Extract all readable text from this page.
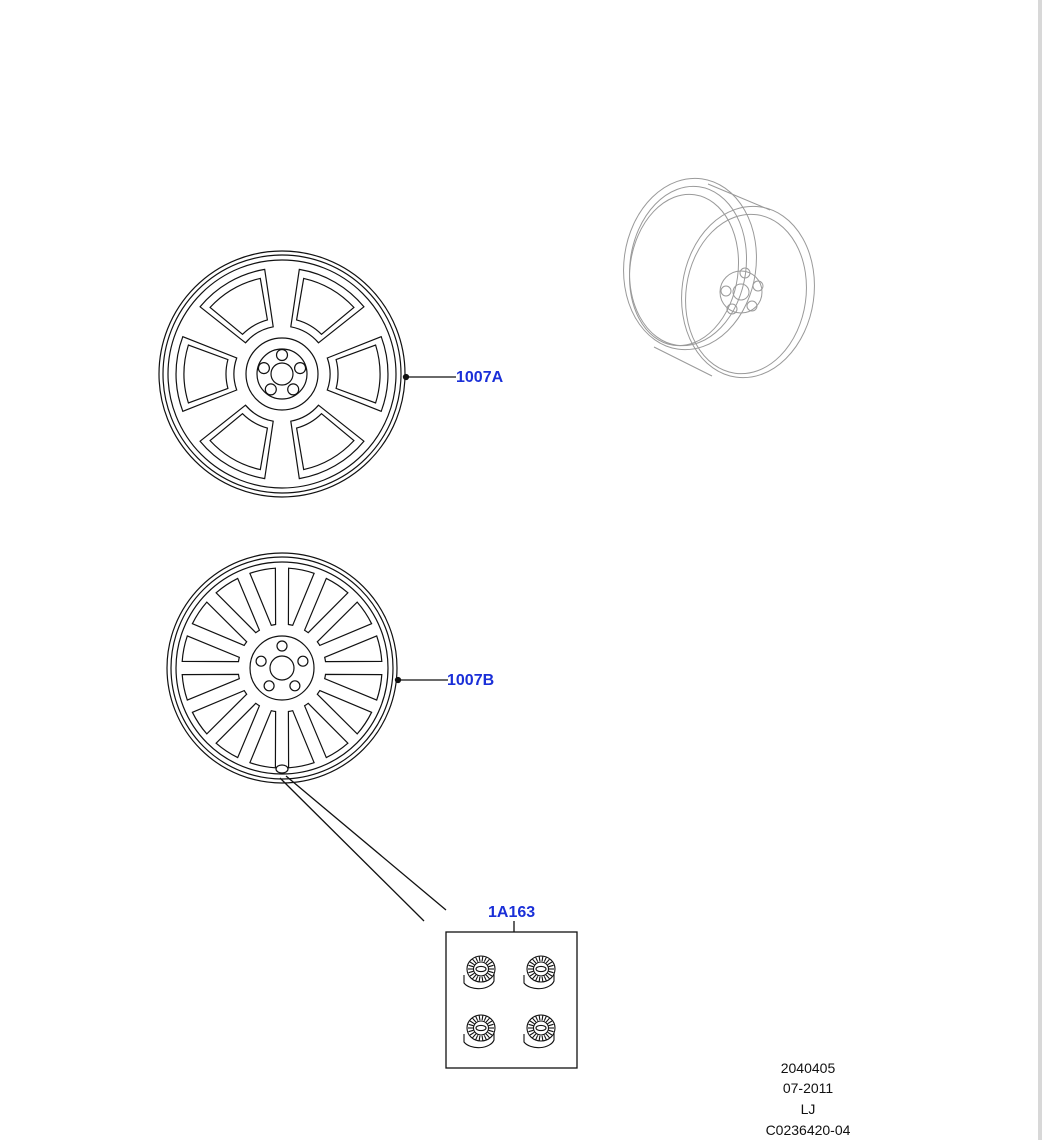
1007A
1007B
1A163
2040405
07-2011
LJ
C0236420-04
